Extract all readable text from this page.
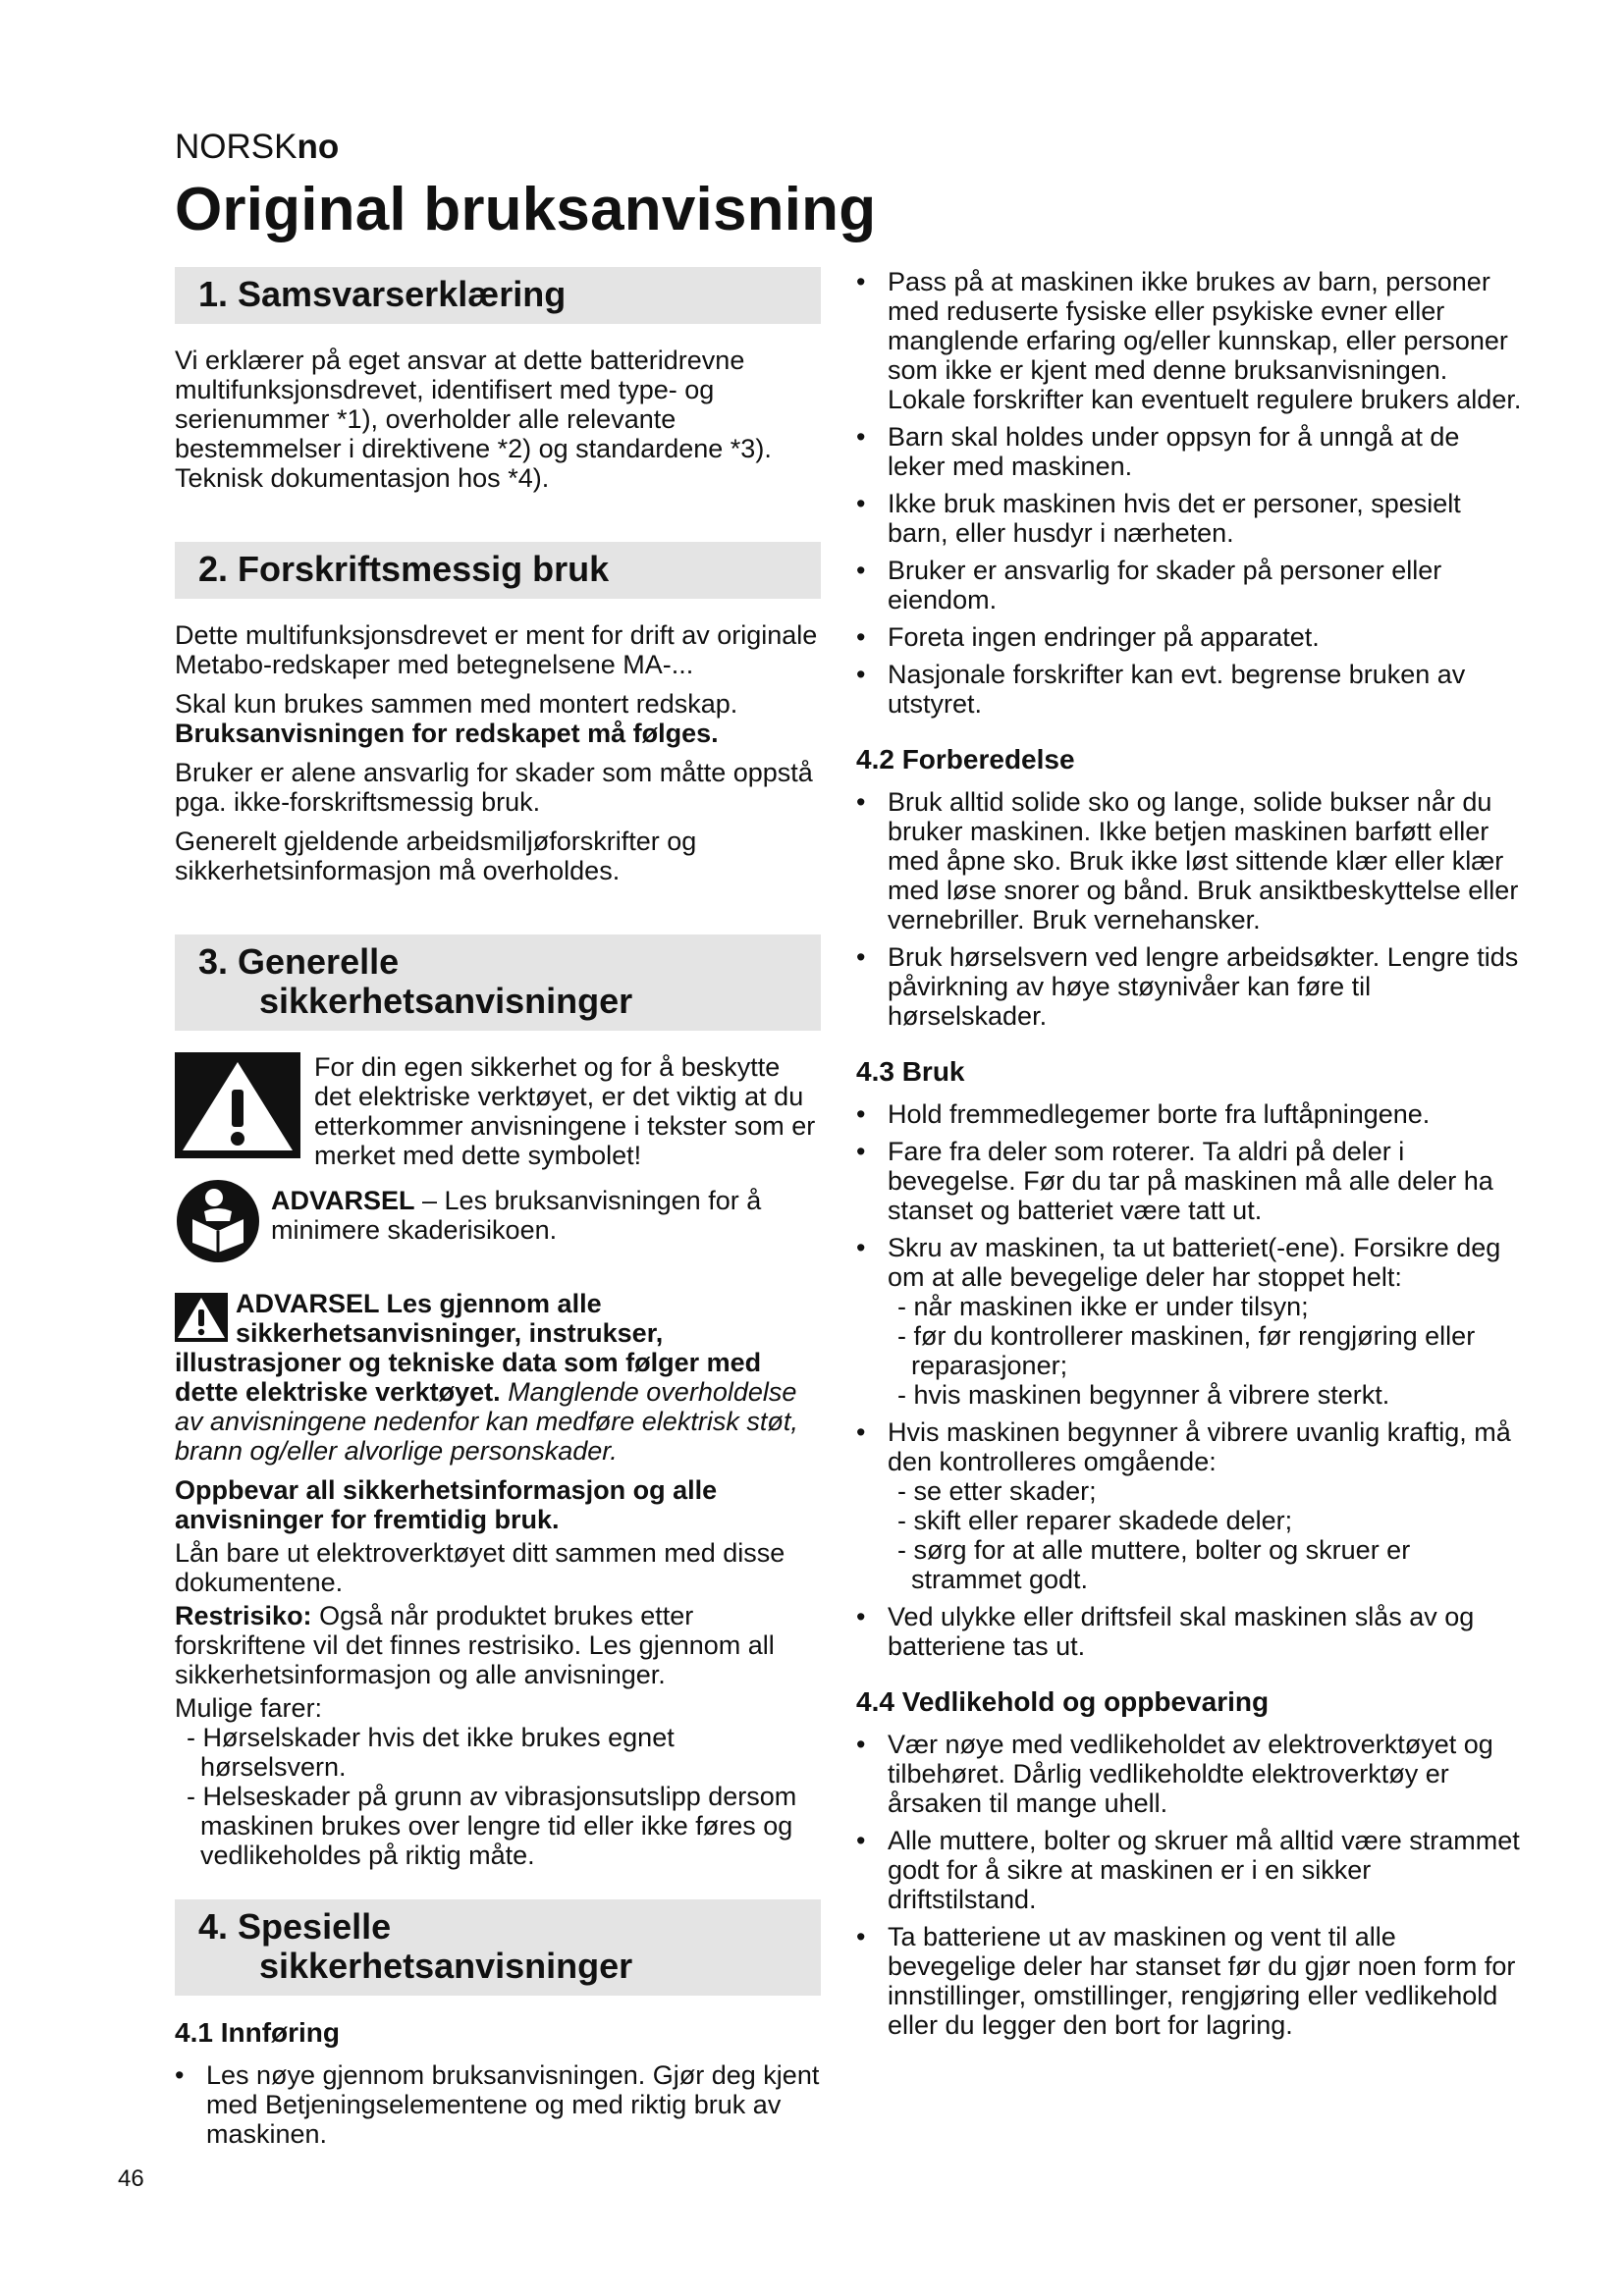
NORSKno
Original bruksanvisning
1. Samsvarserklæring

Vi erklærer på eget ansvar at dette batteridrevne multifunksjonsdrevet, identifisert med type- og serienummer *1), overholder alle relevante bestemmelser i direktivene *2) og standardene *3). Teknisk dokumentasjon hos *4).

2. Forskriftsmessig bruk

Dette multifunksjonsdrevet er ment for drift av originale Metabo-redskaper med betegnelsene MA-...

Skal kun brukes sammen med montert redskap.
Bruksanvisningen for redskapet må følges.

Bruker er alene ansvarlig for skader som måtte oppstå pga. ikke-forskriftsmessig bruk.

Generelt gjeldende arbeidsmiljøforskrifter og sikkerhetsinformasjon må overholdes.

3. Generelle
sikkerhetsanvisninger

For din egen sikkerhet og for å beskytte det elektriske verktøyet, er det viktig at du etterkommer anvisningene i tekster som er merket med dette symbolet!

ADVARSEL – Les bruksanvisningen for å minimere skaderisikoen.

ADVARSEL Les gjennom alle sikkerhetsanvisninger, instrukser, illustrasjoner og tekniske data som følger med dette elektriske verktøyet. Manglende overholdelse av anvisningene nedenfor kan medføre elektrisk støt, brann og/eller alvorlige personskader.

Oppbevar all sikkerhetsinformasjon og alle anvisninger for fremtidig bruk.

Lån bare ut elektroverktøyet ditt sammen med disse dokumentene.

Restrisiko: Også når produktet brukes etter forskriftene vil det finnes restrisiko. Les gjennom all sikkerhetsinformasjon og alle anvisninger.

Mulige farer:

- Hørselskader hvis det ikke brukes egnet hørselsvern.
- Helseskader på grunn av vibrasjonsutslipp dersom maskinen brukes over lengre tid eller ikke føres og vedlikeholdes på riktig måte.
4. Spesielle
sikkerhetsanvisninger
4.1 Innføring
• Les nøye gjennom bruksanvisningen. Gjør deg kjent med Betjeningselementene og med riktig bruk av maskinen.
• Pass på at maskinen ikke brukes av barn, personer med reduserte fysiske eller psykiske evner eller manglende erfaring og/eller kunnskap, eller personer som ikke er kjent med denne bruksanvisningen. Lokale forskrifter kan eventuelt regulere brukers alder.
• Barn skal holdes under oppsyn for å unngå at de leker med maskinen.
• Ikke bruk maskinen hvis det er personer, spesielt barn, eller husdyr i nærheten.
• Bruker er ansvarlig for skader på personer eller eiendom.
• Foreta ingen endringer på apparatet.
• Nasjonale forskrifter kan evt. begrense bruken av utstyret.
4.2 Forberedelse
• Bruk alltid solide sko og lange, solide bukser når du bruker maskinen. Ikke betjen maskinen barføtt eller med åpne sko. Bruk ikke løst sittende klær eller klær med løse snorer og bånd. Bruk ansiktbeskyttelse eller vernebriller. Bruk vernehansker.
• Bruk hørselsvern ved lengre arbeidsøkter. Lengre tids påvirkning av høye støynivåer kan føre til hørselskader.
4.3 Bruk
• Hold fremmedlegemer borte fra luftåpningene.
• Fare fra deler som roterer. Ta aldri på deler i bevegelse. Før du tar på maskinen må alle deler ha stanset og batteriet være tatt ut.
• Skru av maskinen, ta ut batteriet(-ene). Forsikre deg om at alle bevegelige deler har stoppet helt:
- når maskinen ikke er under tilsyn;
- før du kontrollerer maskinen, før rengjøring eller reparasjoner;
- hvis maskinen begynner å vibrere sterkt.
• Hvis maskinen begynner å vibrere uvanlig kraftig, må den kontrolleres omgående:
- se etter skader;
- skift eller reparer skadede deler;
- sørg for at alle muttere, bolter og skruer er strammet godt.
• Ved ulykke eller driftsfeil skal maskinen slås av og batteriene tas ut.
4.4 Vedlikehold og oppbevaring
• Vær nøye med vedlikeholdet av elektroverktøyet og tilbehøret. Dårlig vedlikeholdte elektroverktøy er årsaken til mange uhell.
• Alle muttere, bolter og skruer må alltid være strammet godt for å sikre at maskinen er i en sikker driftstilstand.
• Ta batteriene ut av maskinen og vent til alle bevegelige deler har stanset før du gjør noen form for innstillinger, omstillinger, rengjøring eller vedlikehold eller du legger den bort for lagring.
46
